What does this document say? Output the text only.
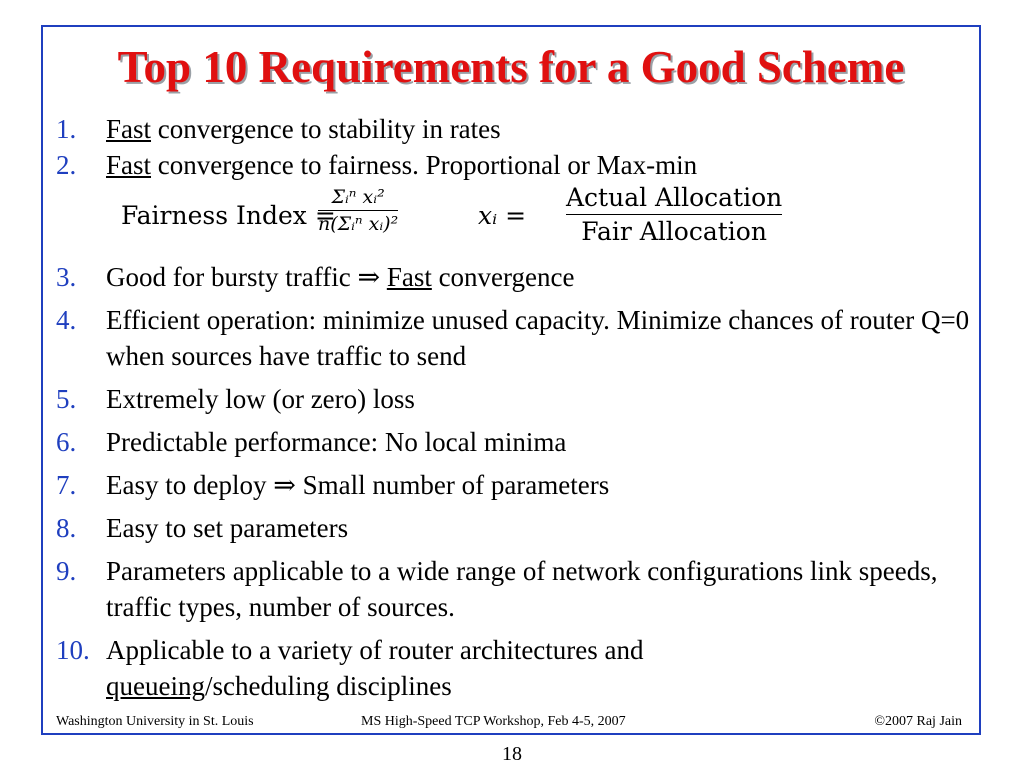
Top 10 Requirements for a Good Scheme
1. Fast convergence to stability in rates
2. Fast convergence to fairness. Proportional or Max-min
Fairness Index =
Σᵢⁿ xᵢ²
n(Σᵢⁿ xᵢ)²	xᵢ =
Actual Allocation
Fair Allocation
3. Good for bursty traffic ⇒ Fast convergence
4. Efficient operation: minimize unused capacity. Minimize chances of router Q=0 when sources have traffic to send
5. Extremely low (or zero) loss
6. Predictable performance: No local minima
7. Easy to deploy ⇒ Small number of parameters
8. Easy to set parameters
9. Parameters applicable to a wide range of network configurations link speeds, traffic types, number of sources.
10. Applicable to a variety of router architectures and
queueing/scheduling disciplines
Washington University in St. Louis	MS High-Speed TCP Workshop, Feb 4-5, 2007	©2007 Raj Jain
18
